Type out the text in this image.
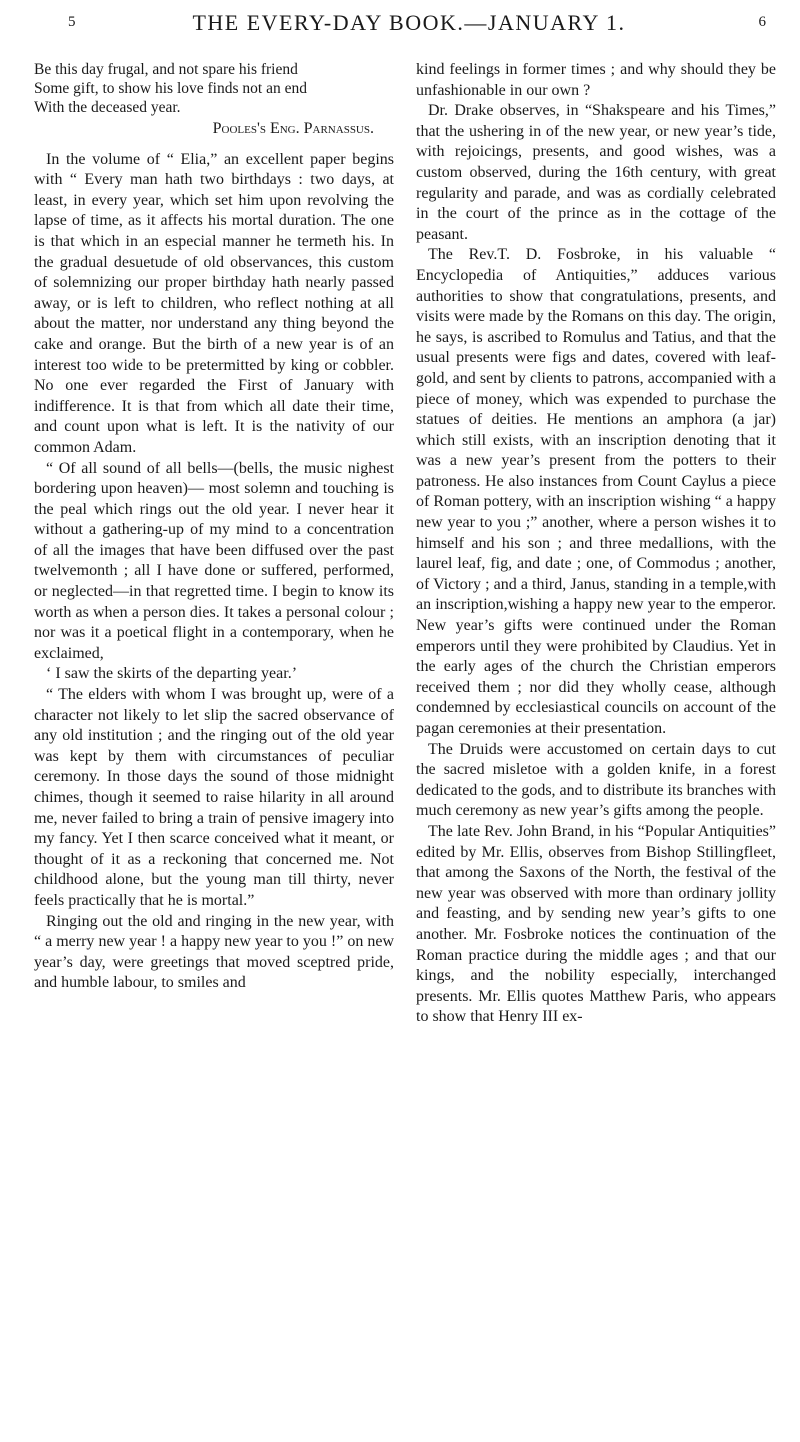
5	THE EVERY-DAY BOOK.—JANUARY 1.	6
Be this day frugal, and not spare his friend
Some gift, to show his love finds not an end
With the deceased year.
Pooles's Eng. Parnassus.

In the volume of “ Elia,” an excellent paper begins with “ Every man hath two birthdays : two days, at least, in every year, which set him upon revolving the lapse of time, as it affects his mortal duration. The one is that which in an especial manner he termeth his. In the gradual desuetude of old observances, this custom of solemnizing our proper birthday hath nearly passed away, or is left to children, who reflect nothing at all about the matter, nor understand any thing beyond the cake and orange. But the birth of a new year is of an interest too wide to be pretermitted by king or cobbler. No one ever regarded the First of January with indifference. It is that from which all date their time, and count upon what is left. It is the nativity of our common Adam.

“ Of all sound of all bells—(bells, the music nighest bordering upon heaven)— most solemn and touching is the peal which rings out the old year. I never hear it without a gathering-up of my mind to a concentration of all the images that have been diffused over the past twelvemonth ; all I have done or suffered, performed, or neglected—in that regretted time. I begin to know its worth as when a person dies. It takes a personal colour ; nor was it a poetical flight in a contemporary, when he exclaimed,

‘ I saw the skirts of the departing year.’

“ The elders with whom I was brought up, were of a character not likely to let slip the sacred observance of any old institution ; and the ringing out of the old year was kept by them with circumstances of peculiar ceremony. In those days the sound of those midnight chimes, though it seemed to raise hilarity in all around me, never failed to bring a train of pensive imagery into my fancy. Yet I then scarce conceived what it meant, or thought of it as a reckoning that concerned me. Not childhood alone, but the young man till thirty, never feels practically that he is mortal.”

Ringing out the old and ringing in the new year, with “ a merry new year ! a happy new year to you !” on new year’s day, were greetings that moved sceptred pride, and humble labour, to smiles and

kind feelings in former times ; and why should they be unfashionable in our own ?

Dr. Drake observes, in “Shakspeare and his Times,” that the ushering in of the new year, or new year’s tide, with rejoicings, presents, and good wishes, was a custom observed, during the 16th century, with great regularity and parade, and was as cordially celebrated in the court of the prince as in the cottage of the peasant.

The Rev.T. D. Fosbroke, in his valuable “ Encyclopedia of Antiquities,” adduces various authorities to show that congratulations, presents, and visits were made by the Romans on this day. The origin, he says, is ascribed to Romulus and Tatius, and that the usual presents were figs and dates, covered with leaf-gold, and sent by clients to patrons, accompanied with a piece of money, which was expended to purchase the statues of deities. He mentions an amphora (a jar) which still exists, with an inscription denoting that it was a new year’s present from the potters to their patroness. He also instances from Count Caylus a piece of Roman pottery, with an inscription wishing “ a happy new year to you ;” another, where a person wishes it to himself and his son ; and three medallions, with the laurel leaf, fig, and date ; one, of Commodus ; another, of Victory ; and a third, Janus, standing in a temple,with an inscription,wishing a happy new year to the emperor. New year’s gifts were continued under the Roman emperors until they were prohibited by Claudius. Yet in the early ages of the church the Christian emperors received them ; nor did they wholly cease, although condemned by ecclesiastical councils on account of the pagan ceremonies at their presentation.

The Druids were accustomed on certain days to cut the sacred misletoe with a golden knife, in a forest dedicated to the gods, and to distribute its branches with much ceremony as new year’s gifts among the people.

The late Rev. John Brand, in his “Popular Antiquities” edited by Mr. Ellis, observes from Bishop Stillingfleet, that among the Saxons of the North, the festival of the new year was observed with more than ordinary jollity and feasting, and by sending new year’s gifts to one another. Mr. Fosbroke notices the continuation of the Roman practice during the middle ages ; and that our kings, and the nobility especially, interchanged presents. Mr. Ellis quotes Matthew Paris, who appears to show that Henry III ex-
